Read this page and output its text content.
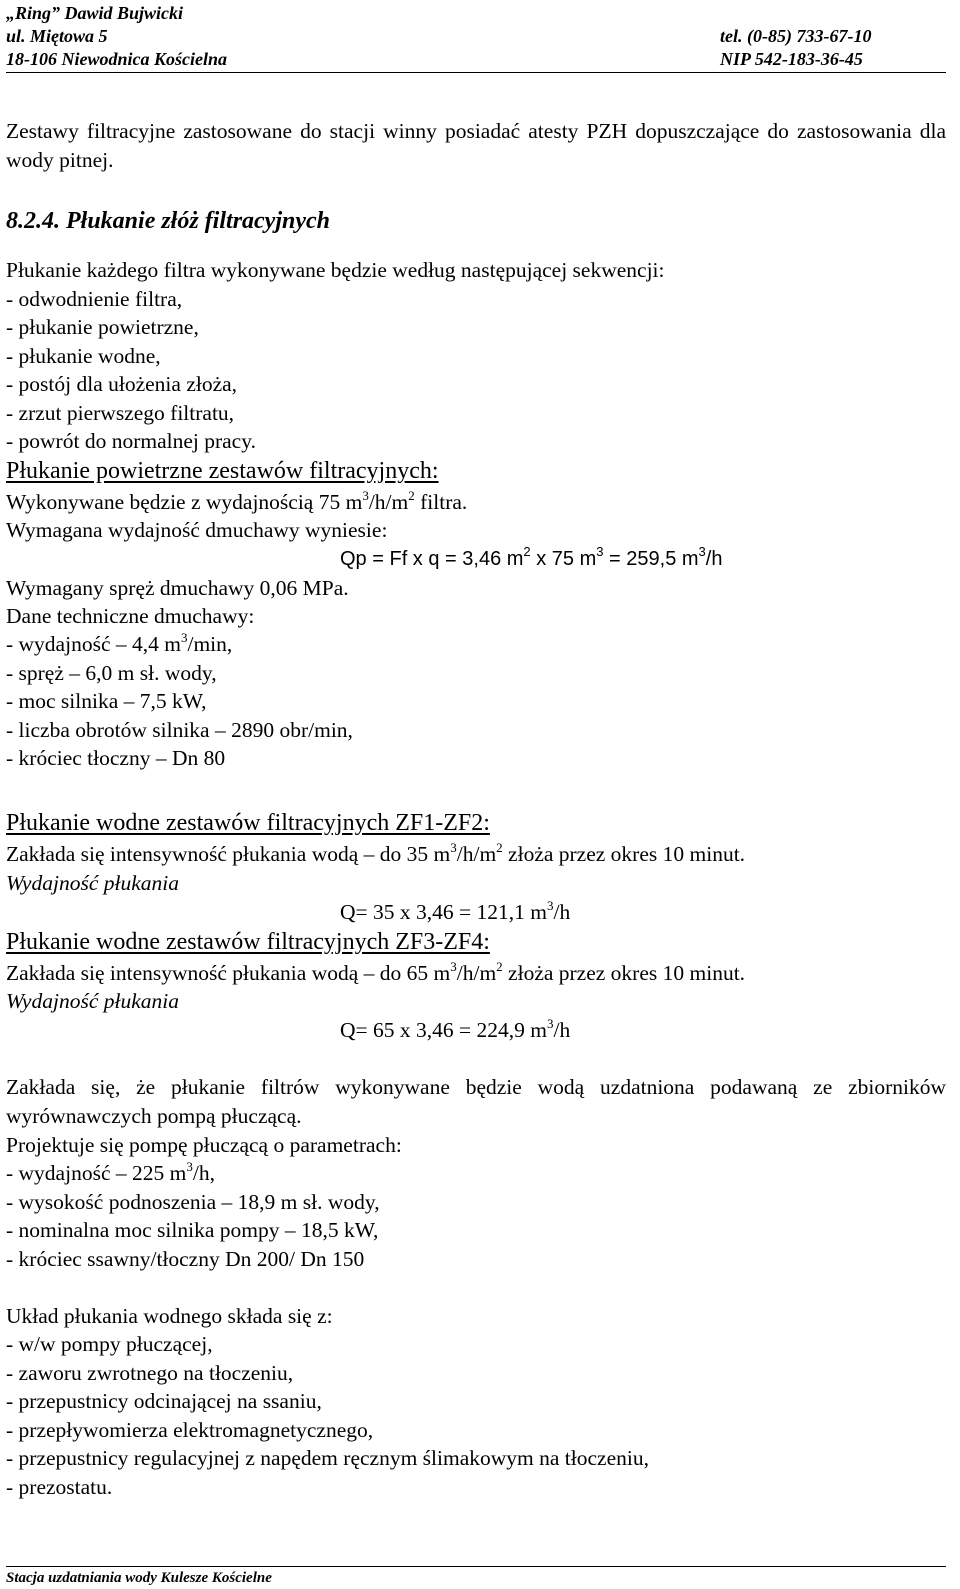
„Ring” Dawid Bujwicki
ul. Miętowa 5	tel. (0-85) 733-67-10
18-106 Niewodnica Kościelna	NIP 542-183-36-45
Zestawy filtracyjne zastosowane do stacji winny posiadać atesty PZH dopuszczające do zastosowania dla wody pitnej.
8.2.4. Płukanie złóż filtracyjnych
Płukanie każdego filtra wykonywane będzie według następującej sekwencji:
- odwodnienie filtra,
- płukanie powietrzne,
- płukanie wodne,
- postój dla ułożenia złoża,
- zrzut pierwszego filtratu,
- powrót do normalnej pracy.
Płukanie powietrzne zestawów filtracyjnych:
Wykonywane będzie z wydajnością 75 $m^3/h/m^2$ filtra.
Wymagana wydajność dmuchawy wyniesie:
Qp = Ff x q = 3,46 $m^2$ x 75 $m^3 = 259,5$ $m^3/h$
Wymagany spręż dmuchawy 0,06 MPa.
Dane techniczne dmuchawy:
- wydajność – 4,4 $m^3/\min$,
- spręż – 6,0 m sł. wody,
- moc silnika – 7,5 kW,
- liczba obrotów silnika – 2890 obr/min,
- króciec tłoczny – Dn 80
Płukanie wodne zestawów filtracyjnych ZF1-ZF2:
Zakłada się intensywność płukania wodą – do 35 $m^3/h/m^2$ złoża przez okres 10 minut.
Wydajność płukania
Q= 35 x 3,46 = 121,1 $m^3/h$
Płukanie wodne zestawów filtracyjnych ZF3-ZF4:
Zakłada się intensywność płukania wodą – do 65 $m^3/h/m^2$ złoża przez okres 10 minut.
Wydajność płukania
Q= 65 x 3,46 = 224,9 $m^3/h$
Zakłada się, że płukanie filtrów wykonywane będzie wodą uzdatniona podawaną ze zbiorników wyrównawczych pompą płuczącą.
Projektuje się pompę płuczącą o parametrach:
- wydajność – 225 $m^3/h$,
- wysokość podnoszenia – 18,9 m sł. wody,
- nominalna moc silnika pompy – 18,5 kW,
- króciec ssawny/tłoczny Dn 200/ Dn 150
Układ płukania wodnego składa się z:
- w/w pompy płuczącej,
- zaworu zwrotnego na tłoczeniu,
- przepustnicy odcinającej na ssaniu,
- przepływomierza elektromagnetycznego,
- przepustnicy regulacyjnej z napędem ręcznym ślimakowym na tłoczeniu,
- prezostatu.
Stacja uzdatniania wody Kulesze Kościelne
